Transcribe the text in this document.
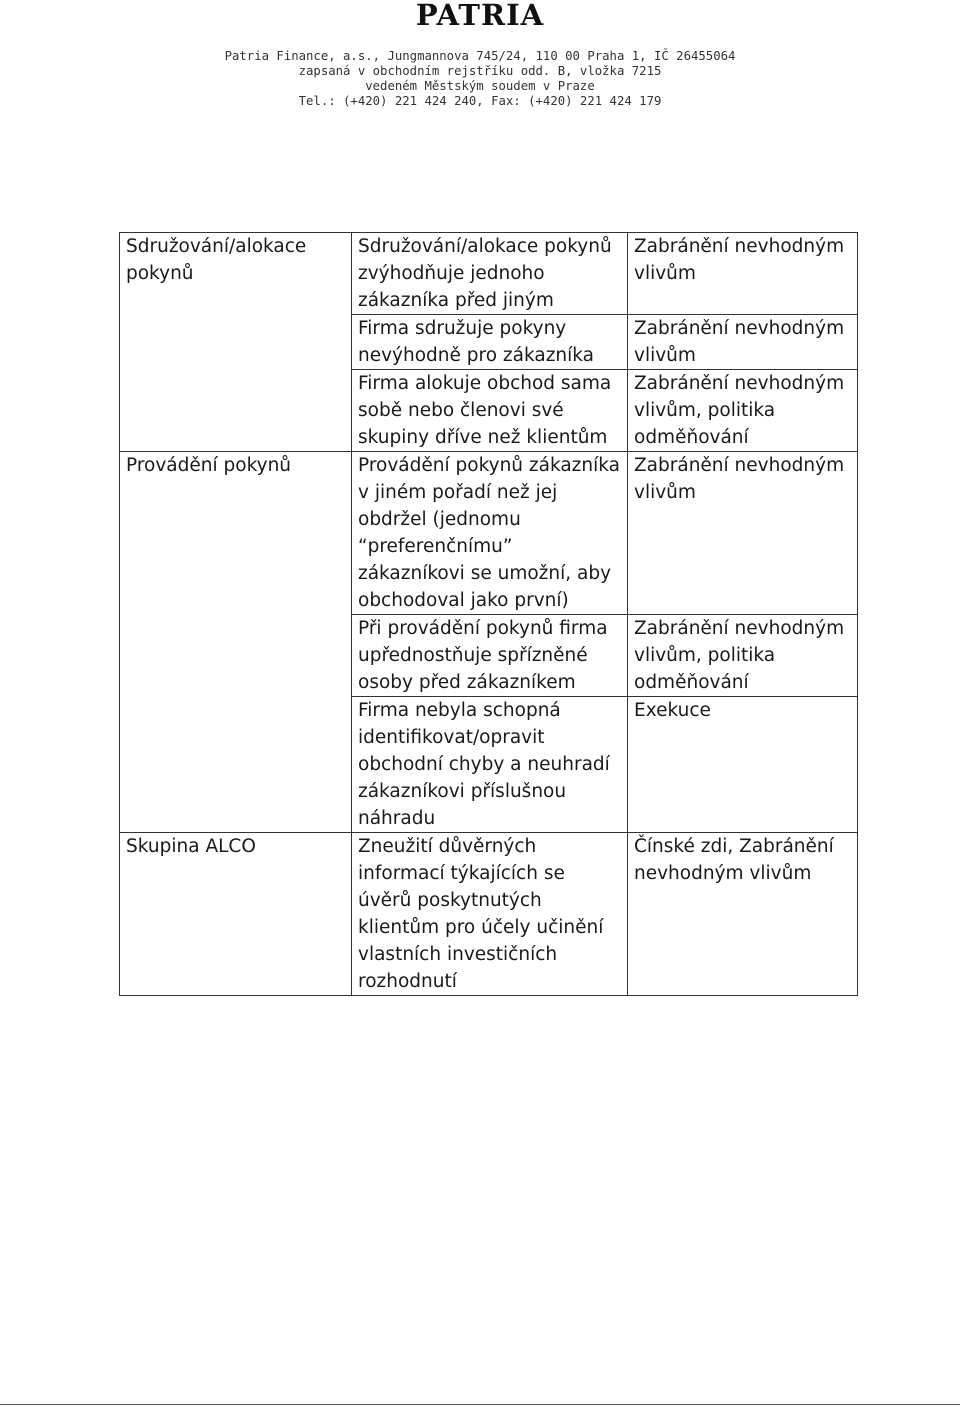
PATRIA
Patria Finance, a.s., Jungmannova 745/24, 110 00 Praha 1, IČ 26455064
zapsaná v obchodním rejstříku odd. B, vložka 7215
vedeném Městským soudem v Praze
Tel.: (+420) 221 424 240, Fax: (+420) 221 424 179
Sdružování/alokace pokynů	Sdružování/alokace pokynů zvýhodňuje jednoho zákazníka před jiným	Zabránění nevhodným vlivům
	Firma sdružuje pokyny nevýhodně pro zákazníka	Zabránění nevhodným vlivům
	Firma alokuje obchod sama sobě nebo členovi své skupiny dříve než klientům	Zabránění nevhodným vlivům, politika odměňování
Provádění pokynů	Provádění pokynů zákazníka v jiném pořadí než jej obdržel (jednomu “preferenčnímu” zákazníkovi se umožní, aby obchodoval jako první)	Zabránění nevhodným vlivům
	Při provádění pokynů firma upřednostňuje spřízněné osoby před zákazníkem	Zabránění nevhodným vlivům, politika odměňování
	Firma nebyla schopná identifikovat/opravit obchodní chyby a neuhradí zákazníkovi příslušnou náhradu	Exekuce
Skupina ALCO	Zneužití důvěrných informací týkajících se úvěrů poskytnutých klientům pro účely učinění vlastních investičních rozhodnutí	Čínské zdi, Zabránění nevhodným vlivům
